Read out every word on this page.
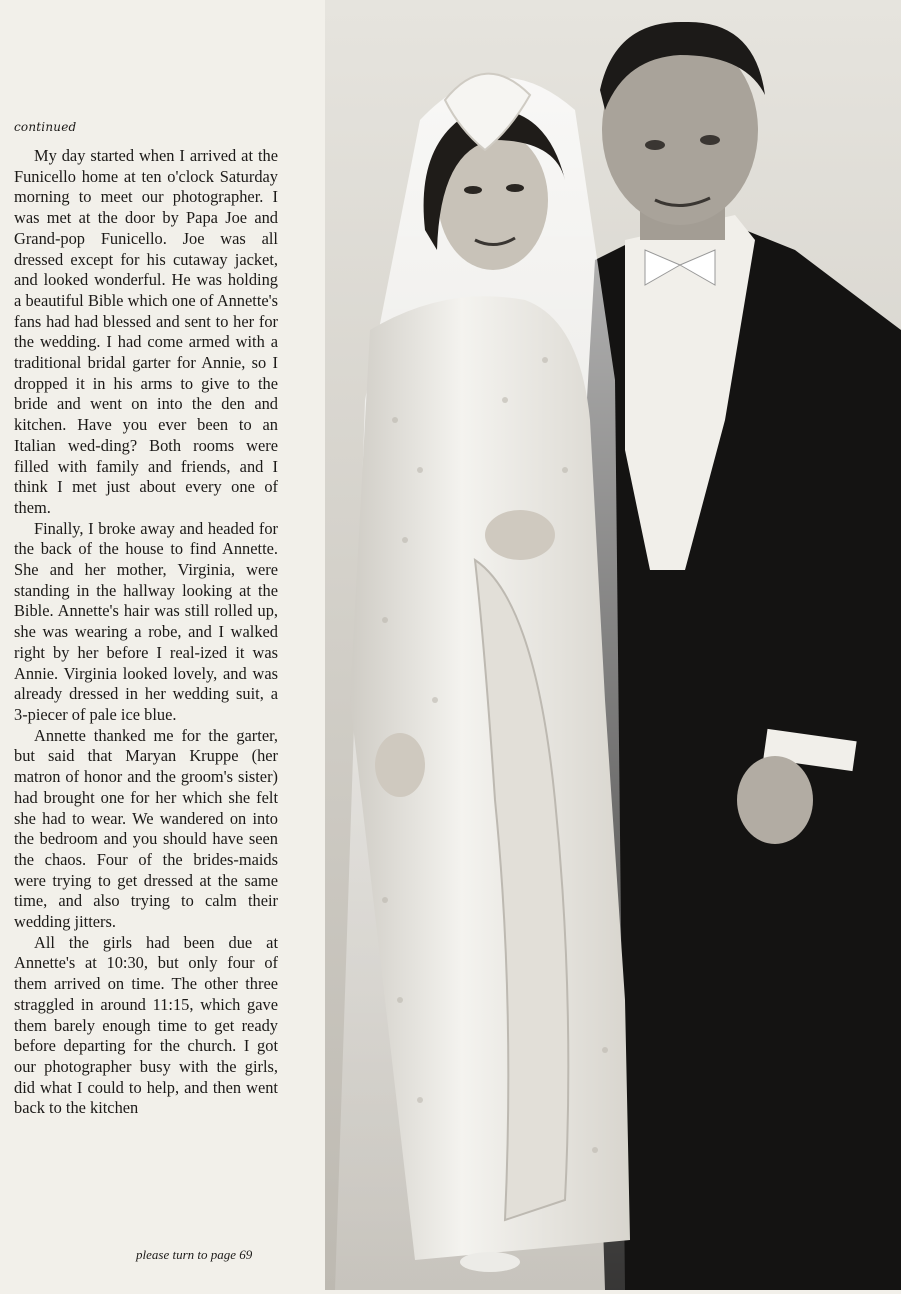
continued

My day started when I arrived at the Funicello home at ten o'clock Saturday morning to meet our photographer. I was met at the door by Papa Joe and Grand-pop Funicello. Joe was all dressed except for his cutaway jacket, and looked wonderful. He was holding a beautiful Bible which one of Annette's fans had had blessed and sent to her for the wedding. I had come armed with a traditional bridal garter for Annie, so I dropped it in his arms to give to the bride and went on into the den and kitchen. Have you ever been to an Italian wed-ding? Both rooms were filled with family and friends, and I think I met just about every one of them.

Finally, I broke away and headed for the back of the house to find Annette. She and her mother, Virginia, were standing in the hallway looking at the Bible. Annette's hair was still rolled up, she was wearing a robe, and I walked right by her before I real-ized it was Annie. Virginia looked lovely, and was already dressed in her wedding suit, a 3-piecer of pale ice blue.

Annette thanked me for the garter, but said that Maryan Kruppe (her matron of honor and the groom's sister) had brought one for her which she felt she had to wear. We wandered on into the bedroom and you should have seen the chaos. Four of the brides-maids were trying to get dressed at the same time, and also trying to calm their wedding jitters.

All the girls had been due at Annette's at 10:30, but only four of them arrived on time. The other three straggled in around 11:15, which gave them barely enough time to get ready before departing for the church. I got our photographer busy with the girls, did what I could to help, and then went back to the kitchen

please turn to page 69
